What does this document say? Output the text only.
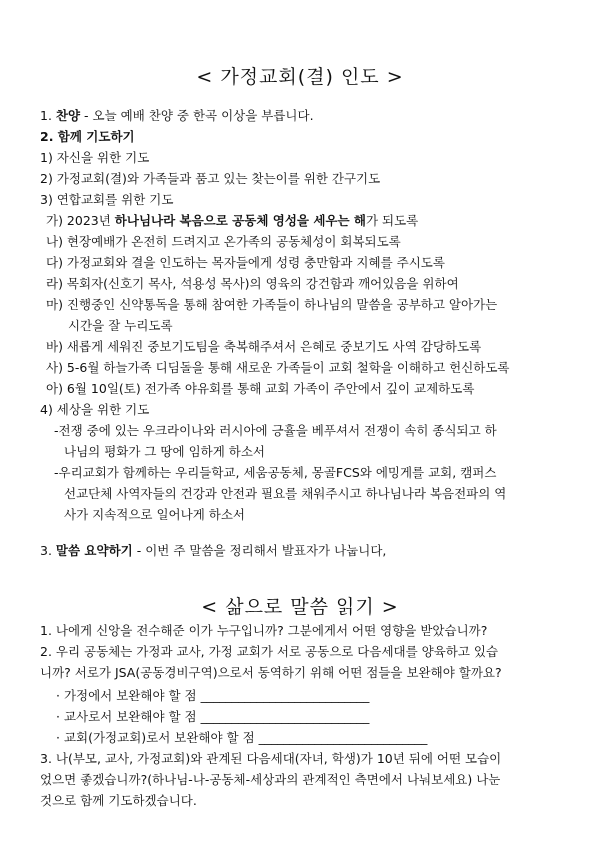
< 가정교회(결) 인도 >
1. 찬양 - 오늘 예배 찬양 중 한곡 이상을 부릅니다.
2. 함께 기도하기
1) 자신을 위한 기도
2) 가정교회(결)와 가족들과 품고 있는 찾는이를 위한 간구기도
3) 연합교회를 위한 기도
가) 2023년 하나님나라 복음으로 공동체 영성을 세우는 해가 되도록
나) 현장예배가 온전히 드려지고 온가족의 공동체성이 회복되도록
다) 가정교회와 결을 인도하는 목자들에게 성령 충만함과 지혜를 주시도록
라) 목회자(신호기 목사, 석용성 목사)의 영육의 강건함과 깨어있음을 위하여
마) 진행중인 신약통독을 통해 참여한 가족들이 하나님의 말씀을 공부하고 알아가는
시간을 잘 누리도록
바) 새롭게 세워진 중보기도팀을 축복해주셔서 은혜로 중보기도 사역 감당하도록
사) 5-6월 하늘가족 디딤돌을 통해 새로운 가족들이 교회 철학을 이해하고 헌신하도록
아) 6월 10일(토) 전가족 야유회를 통해 교회 가족이 주안에서 깊이 교제하도록
4) 세상을 위한 기도
-전쟁 중에 있는 우크라이나와 러시아에 긍휼을 베푸셔서 전쟁이 속히 종식되고 하
나님의 평화가 그 땅에 임하게 하소서
-우리교회가 함께하는 우리들학교, 세움공동체, 몽골FCS와 에밍게를 교회, 캠퍼스
선교단체 사역자들의 건강과 안전과 필요를 채워주시고 하나님나라 복음전파의 역
사가 지속적으로 일어나게 하소서
3. 말씀 요약하기 - 이번 주 말씀을 정리해서 발표자가 나눕니다,
< 삶으로 말씀 읽기 >
1. 나에게 신앙을 전수해준 이가 누구입니까? 그분에게서 어떤 영향을 받았습니까?
2. 우리 공동체는 가정과 교사, 가정 교회가 서로 공동으로 다음세대를 양육하고 있습
니까? 서로가 JSA(공동경비구역)으로서 동역하기 위해 어떤 점들을 보완해야 할까요?
· 가정에서 보완해야 할 점 ___________________________
· 교사로서 보완해야 할 점 ___________________________
· 교회(가정교회)로서 보완해야 할 점 ___________________________
3. 나(부모, 교사, 가정교회)와 관계된 다음세대(자녀, 학생)가 10년 뒤에 어떤 모습이
었으면 좋겠습니까?(하나님-나-공동체-세상과의 관계적인 측면에서 나눠보세요) 나눈
것으로 함께 기도하겠습니다.
